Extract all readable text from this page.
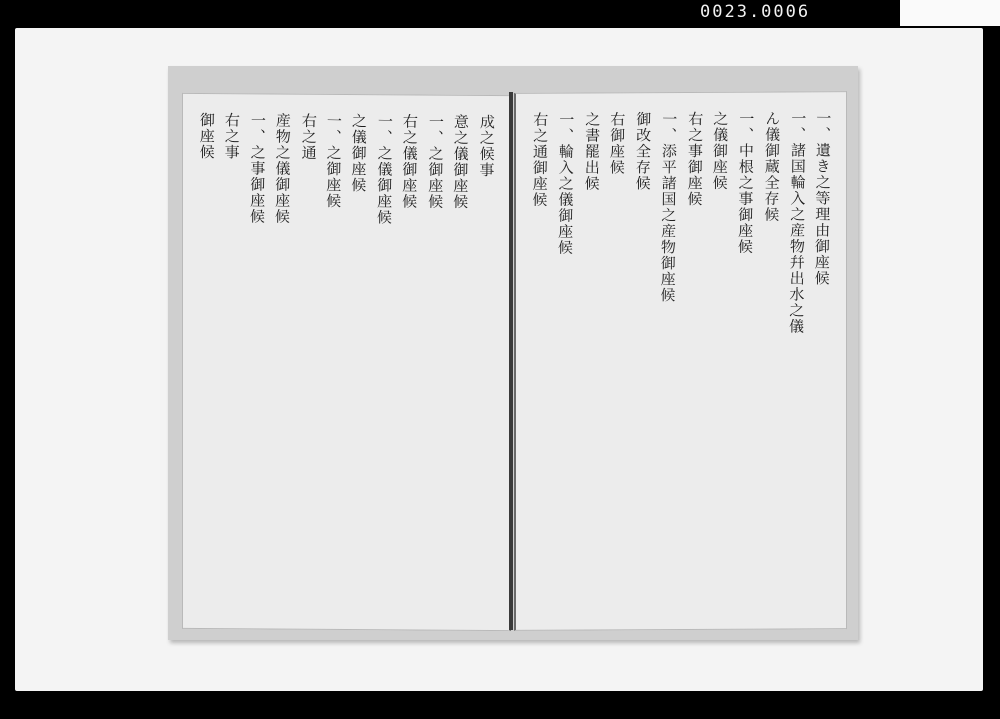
0023.0006
成之候事
意之儀御座候
一、之御座候
右之儀御座候
一、之儀御座候
之儀御座候
一、之御座候
右之通
産物之儀御座候
一、之事御座候
右之事
御座候	一、遺き之等理由御座候
一、諸国輪入之産物幷出水之儀
ん儀御蔵全存候
一、中根之事御座候
之儀御座候
右之事御座候
一、添平諸国之産物御座候
御改全存候
右御座候
之書罷出候
一、輪入之儀御座候
右之通御座候
